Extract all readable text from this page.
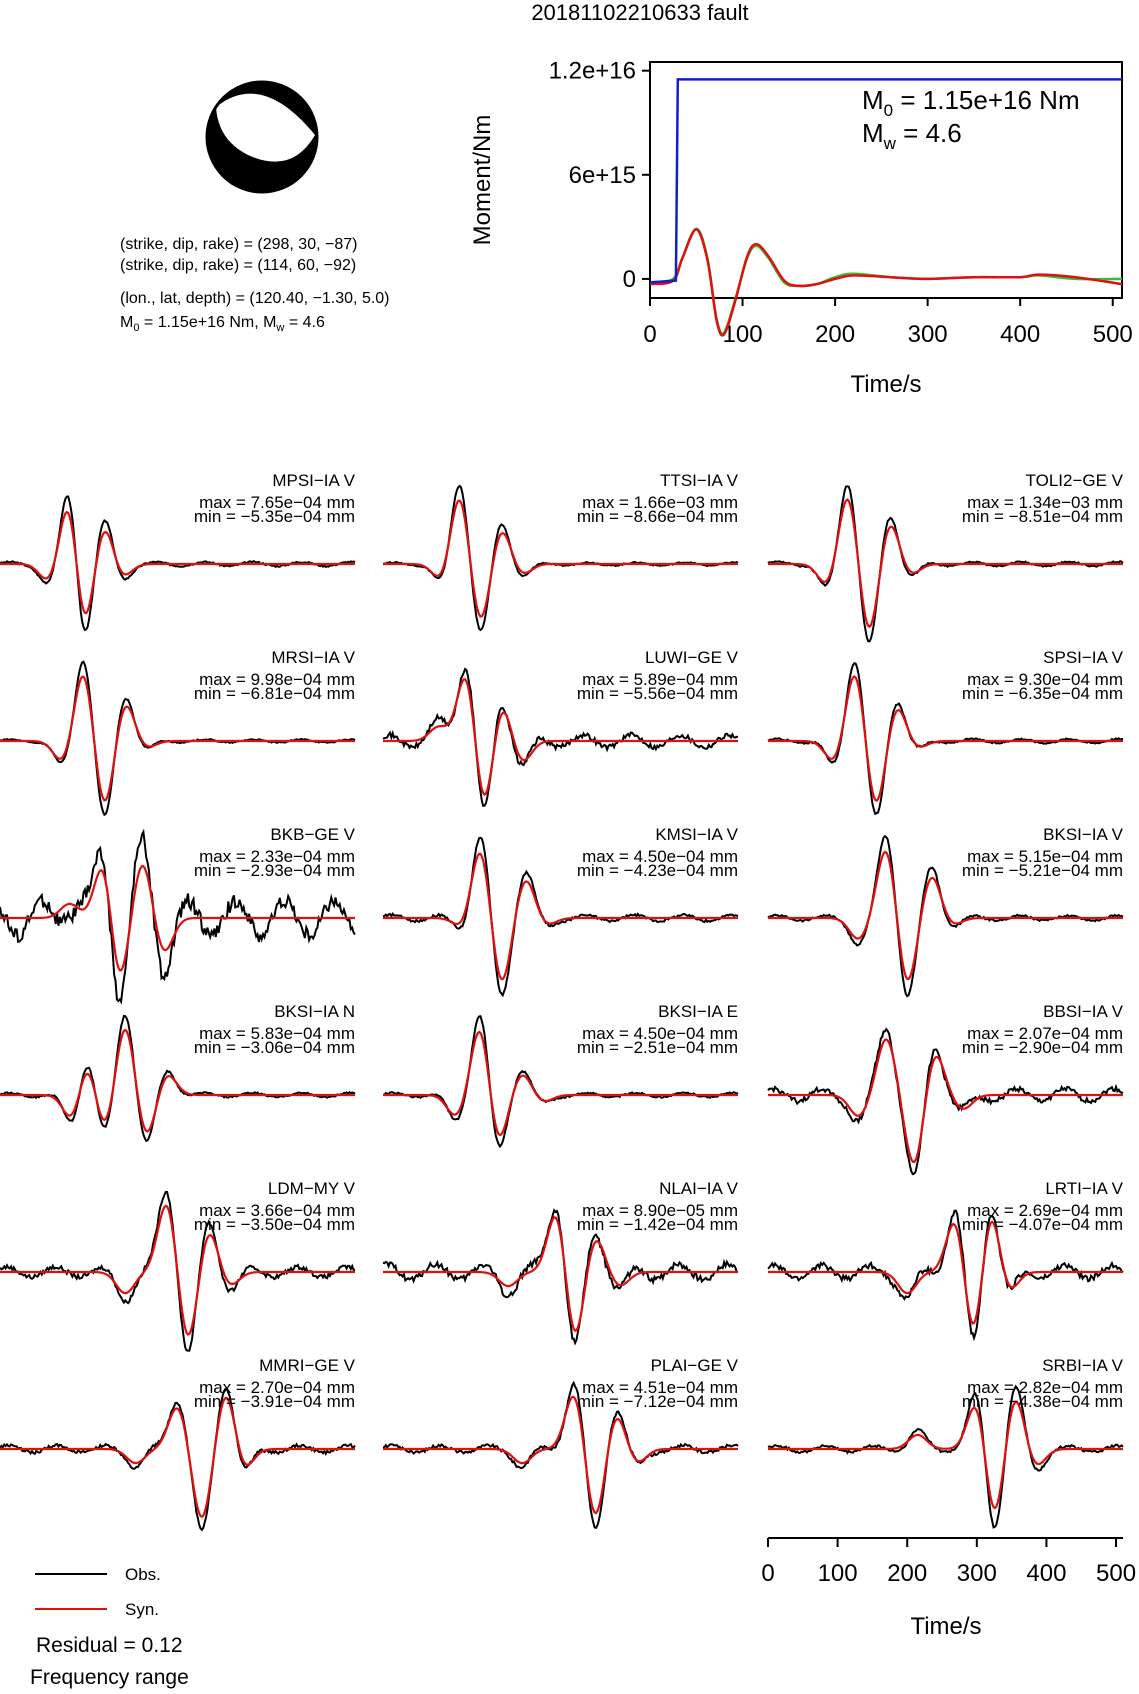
20181102210633 fault
(strike, dip, rake) = (298, 30, −87)
(strike, dip, rake) = (114, 60, −92)
(lon., lat, depth) = (120.40, −1.30, 5.0)
$M_0 = 1.15e+16$ Nm, $M_w = 4.6$
1.2e+16
6e+15
0
0	100 200 300 400 500
Moment/Nm
Time/s
$M_0 = 1.15e+16$ Nm
$M_w = 4.6$
MPSI−IA V
max = 7.65e−04 mm
min = −5.35e−04 mm
TTSI−IA V
max = 1.66e−03 mm
min = −8.66e−04 mm
TOLI2−GE V
max = 1.34e−03 mm
min = −8.51e−04 mm
MRSI−IA V
max = 9.98e−04 mm
min = −6.81e−04 mm
LUWI−GE V
max = 5.89e−04 mm
min = −5.56e−04 mm
SPSI−IA V
max = 9.30e−04 mm
min = −6.35e−04 mm
BKB−GE V
max = 2.33e−04 mm
min = −2.93e−04 mm
KMSI−IA V
max = 4.50e−04 mm
min = −4.23e−04 mm
BKSI−IA V
max = 5.15e−04 mm
min = −5.21e−04 mm
BKSI−IA N
max = 5.83e−04 mm
min = −3.06e−04 mm
BKSI−IA E
max = 4.50e−04 mm
min = −2.51e−04 mm
BBSI−IA V
max = 2.07e−04 mm
min = −2.90e−04 mm
LDM−MY V
max = 3.66e−04 mm
min = −3.50e−04 mm
NLAI−IA V
max = 8.90e−05 mm
min = −1.42e−04 mm
LRTI−IA V
max = 2.69e−04 mm
min = −4.07e−04 mm
MMRI−GE V
max = 2.70e−04 mm
min = −3.91e−04 mm
PLAI−GE V
max = 4.51e−04 mm
min = −7.12e−04 mm
SRBI−IA V
max = 2.82e−04 mm
min = −4.38e−04 mm
0 100 200 300 400 500
Time/s
Obs.
Syn.
Residual = 0.12
Frequency range
